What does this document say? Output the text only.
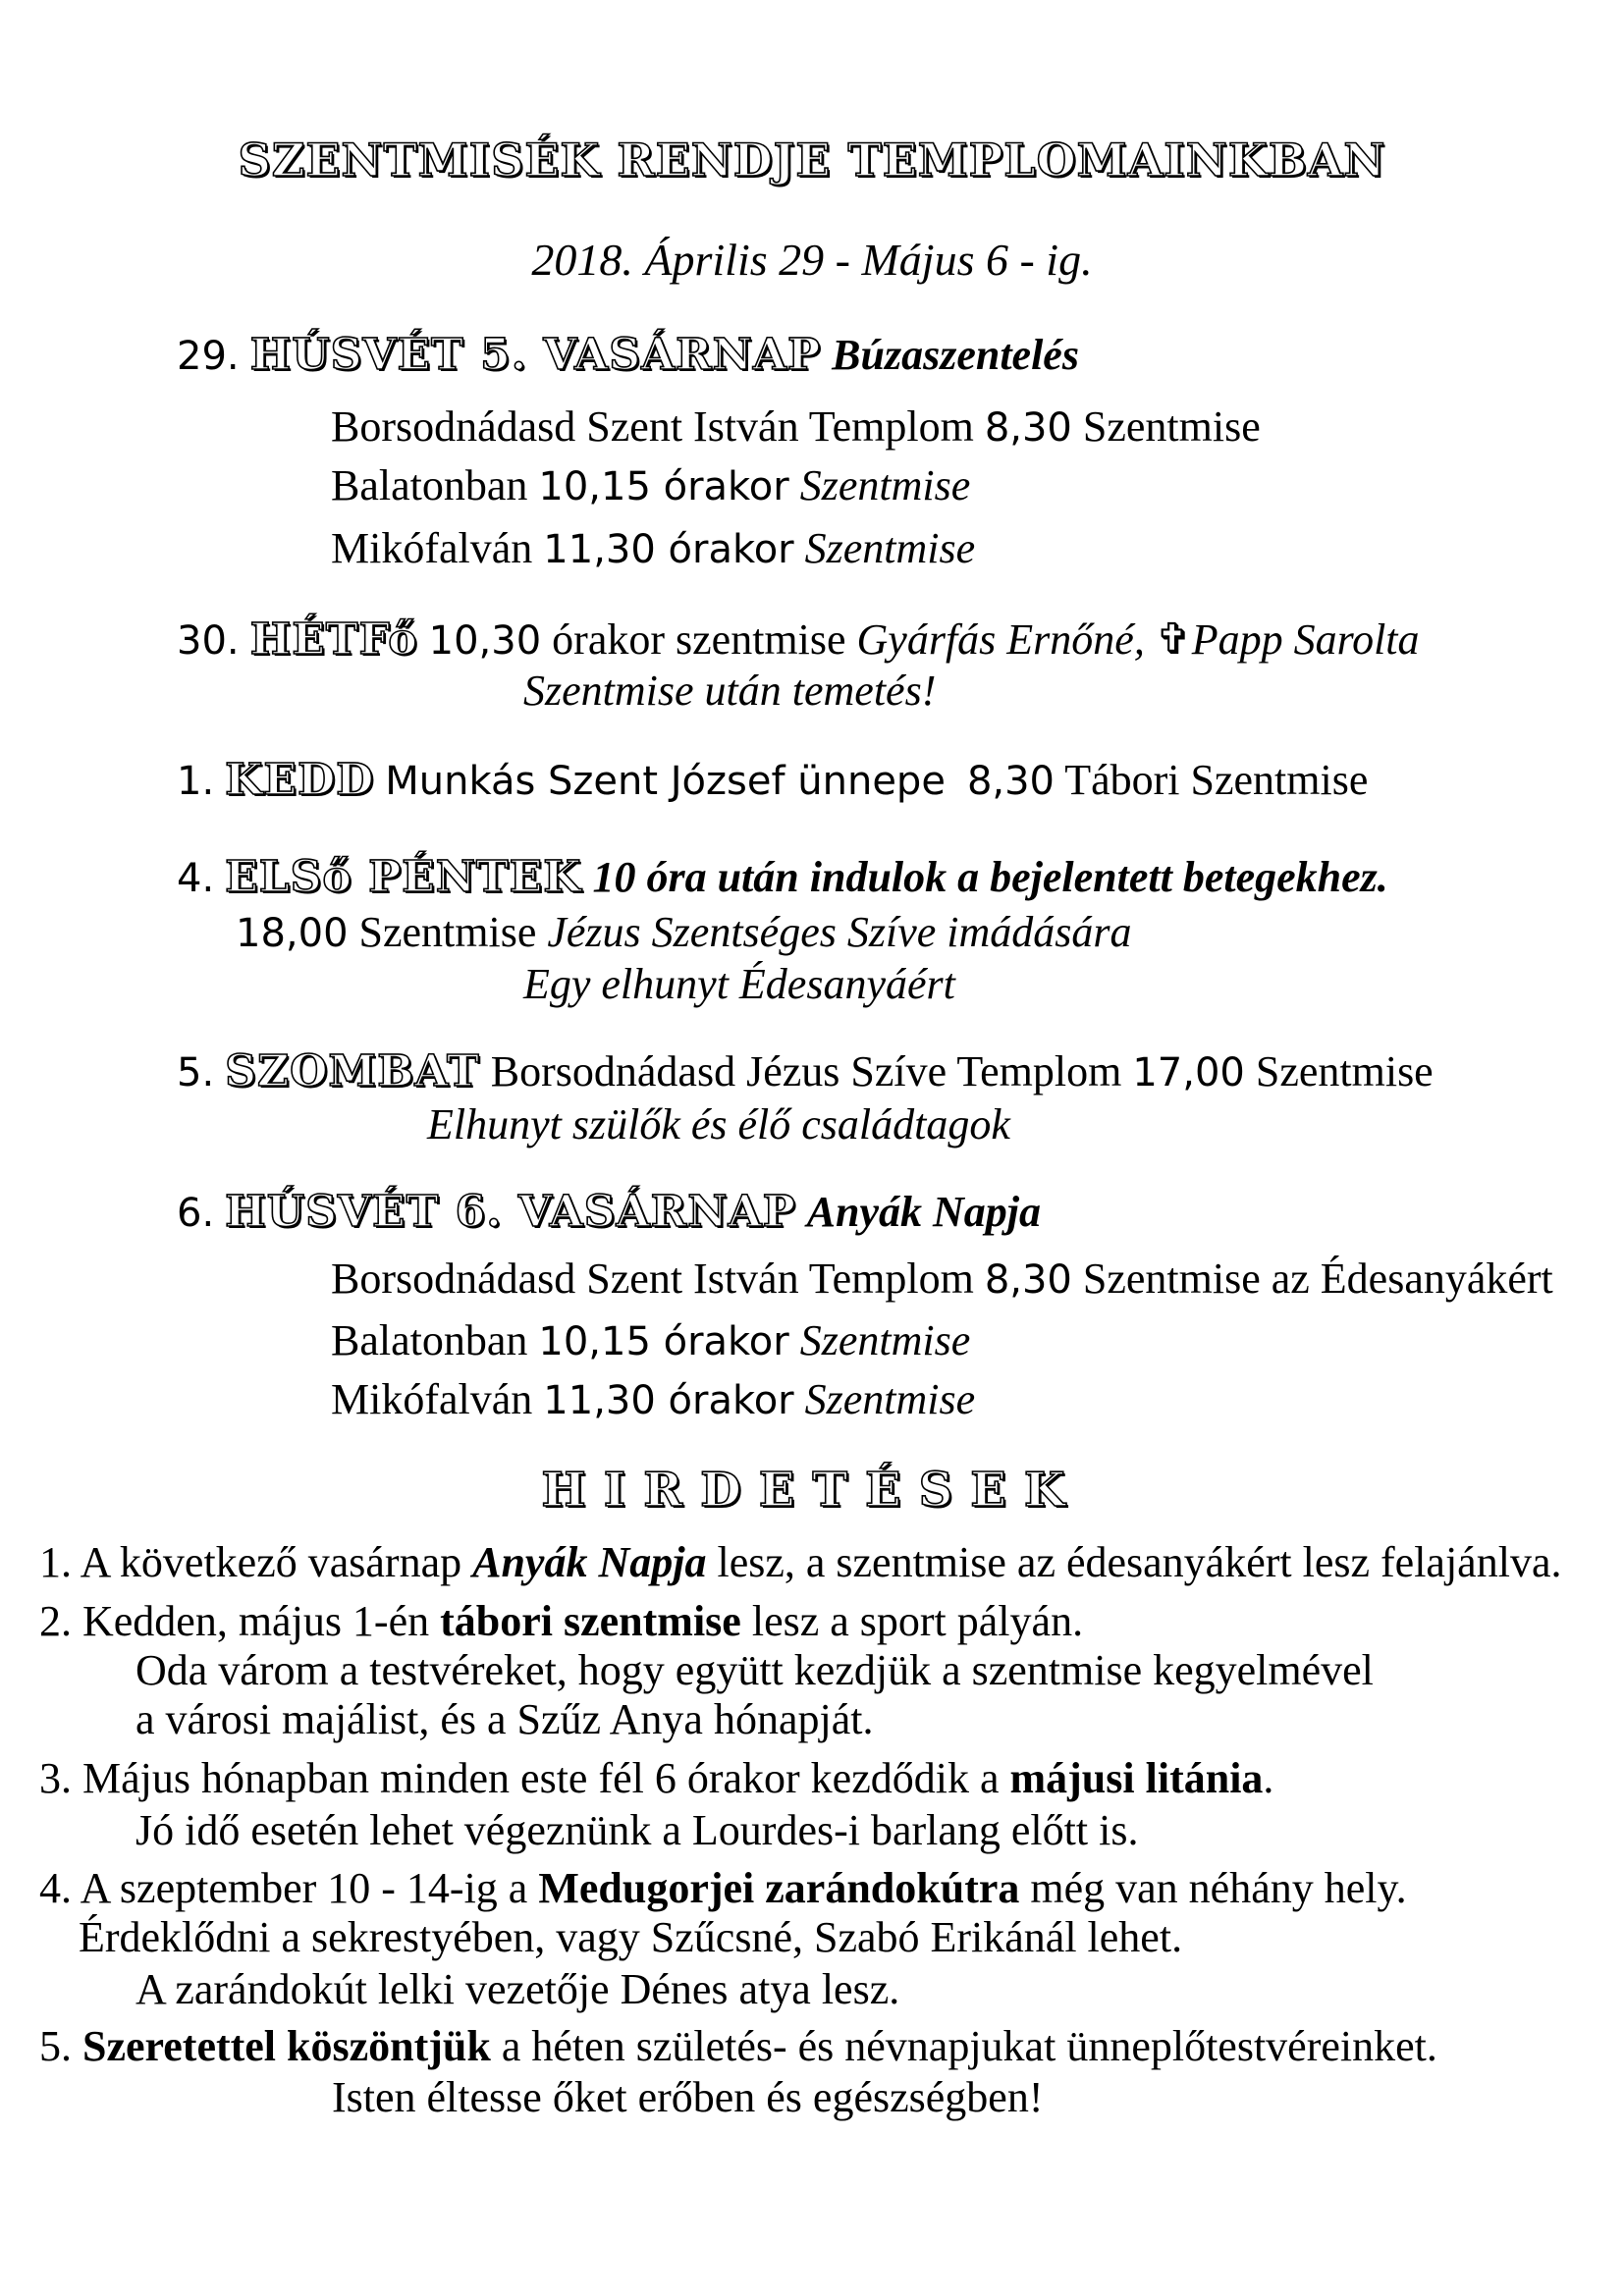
SZENTMISÉK RENDJE TEMPLOMAINKBAN
2018. Április 29 - Május 6 - ig.
29. HÚSVÉT 5. VASÁRNAP Búzaszentelés
Borsodnádasd Szent István Templom 8,30 Szentmise
Balatonban 10,15 órakor Szentmise
Mikófalván 11,30 órakor Szentmise
30. HÉTFő 10,30 órakor szentmise Gyárfás Ernőné, ✞Papp Sarolta
Szentmise után temetés!
1. KEDD Munkás Szent József ünnepe 8,30 Tábori Szentmise
4. ELSő PÉNTEK 10 óra után indulok a bejelentett betegekhez.
18,00 Szentmise Jézus Szentséges Szíve imádására
Egy elhunyt Édesanyáért
5. SZOMBAT Borsodnádasd Jézus Szíve Templom 17,00 Szentmise
Elhunyt szülők és élő családtagok
6. HÚSVÉT 6. VASÁRNAP Anyák Napja
Borsodnádasd Szent István Templom 8,30 Szentmise az Édesanyákért
Balatonban 10,15 órakor Szentmise
Mikófalván 11,30 órakor Szentmise
HIRDETÉSEK
1. A következő vasárnap Anyák Napja lesz, a szentmise az édesanyákért lesz felajánlva.
2. Kedden, május 1-én tábori szentmise lesz a sport pályán.
Oda várom a testvéreket, hogy együtt kezdjük a szentmise kegyelmével
a városi majálist, és a Szűz Anya hónapját.
3. Május hónapban minden este fél 6 órakor kezdődik a májusi litánia.
Jó idő esetén lehet végeznünk a Lourdes-i barlang előtt is.
4. A szeptember 10 - 14-ig a Medugorjei zarándokútra még van néhány hely.
Érdeklődni a sekrestyében, vagy Szűcsné, Szabó Erikánál lehet.
A zarándokút lelki vezetője Dénes atya lesz.
5. Szeretettel köszöntjük a héten születés- és névnapjukat ünneplőtestvéreinket.
Isten éltesse őket erőben és egészségben!
